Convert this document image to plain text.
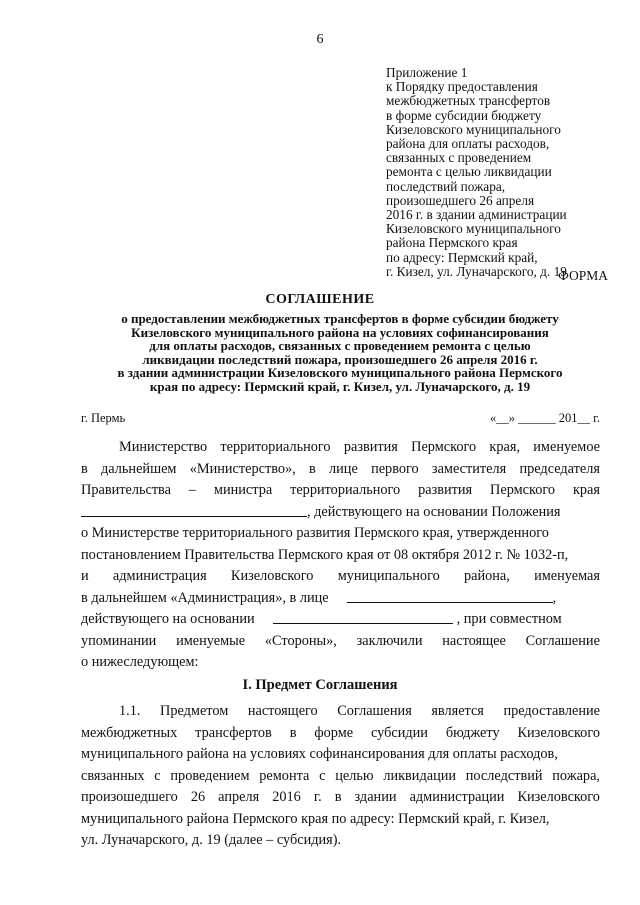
6
Приложение 1
к Порядку предоставления
межбюджетных трансфертов
в форме субсидии бюджету
Кизеловского муниципального
района для оплаты расходов,
связанных с проведением
ремонта с целью ликвидации
последствий пожара,
произошедшего 26 апреля
2016 г. в здании администрации
Кизеловского муниципального
района Пермского края
по адресу: Пермский край,
г. Кизел, ул. Луначарского, д. 19
ФОРМА
СОГЛАШЕНИЕ
о предоставлении межбюджетных трансфертов в форме субсидии бюджету
Кизеловского муниципального района на условиях софинансирования
для оплаты расходов, связанных с проведением ремонта с целью
ликвидации последствий пожара, произошедшего 26 апреля 2016 г.
в здании администрации Кизеловского муниципального района Пермского
края по адресу: Пермский край, г. Кизел, ул. Луначарского, д. 19
г. Пермь	«__» ______ 201__ г.
Министерство территориального развития Пермского края, именуемое
в дальнейшем «Министерство», в лице первого заместителя председателя
Правительства – министра территориального развития Пермского края
, действующего на основании Положения
о Министерстве территориального развития Пермского края, утвержденного
постановлением Правительства Пермского края от 08 октября 2012 г. № 1032-п,
и администрация Кизеловского муниципального района, именуемая
в дальнейшем «Администрация», в лице	,
действующего на основании	, при совместном
упоминании именуемые «Стороны», заключили настоящее Соглашение
о нижеследующем:
I. Предмет Соглашения
1.1. Предметом настоящего Соглашения является предоставление
межбюджетных трансфертов в форме субсидии бюджету Кизеловского
муниципального района на условиях софинансирования для оплаты расходов,
связанных с проведением ремонта с целью ликвидации последствий пожара,
произошедшего 26 апреля 2016 г. в здании администрации Кизеловского
муниципального района Пермского края по адресу: Пермский край, г. Кизел,
ул. Луначарского, д. 19 (далее – субсидия).
